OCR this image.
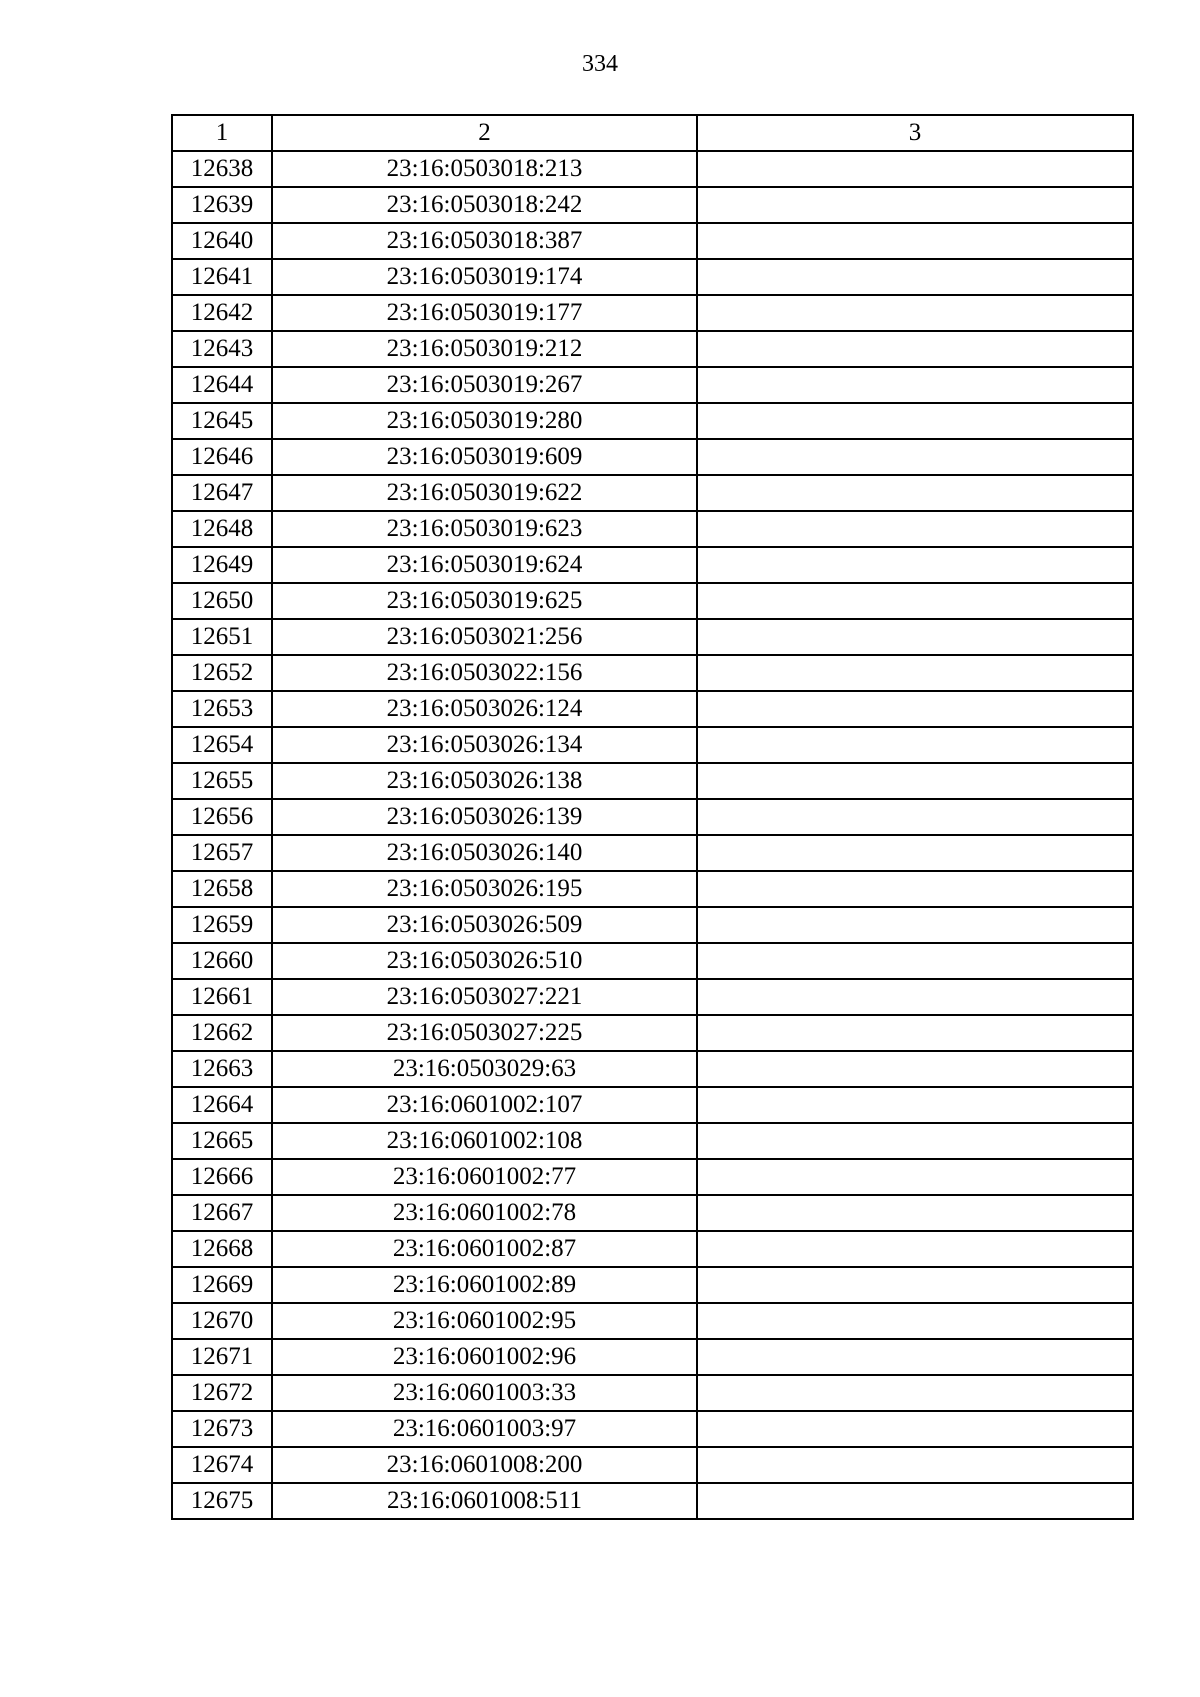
334
1	2	3
12638	23:16:0503018:213	
12639	23:16:0503018:242	
12640	23:16:0503018:387	
12641	23:16:0503019:174	
12642	23:16:0503019:177	
12643	23:16:0503019:212	
12644	23:16:0503019:267	
12645	23:16:0503019:280	
12646	23:16:0503019:609	
12647	23:16:0503019:622	
12648	23:16:0503019:623	
12649	23:16:0503019:624	
12650	23:16:0503019:625	
12651	23:16:0503021:256	
12652	23:16:0503022:156	
12653	23:16:0503026:124	
12654	23:16:0503026:134	
12655	23:16:0503026:138	
12656	23:16:0503026:139	
12657	23:16:0503026:140	
12658	23:16:0503026:195	
12659	23:16:0503026:509	
12660	23:16:0503026:510	
12661	23:16:0503027:221	
12662	23:16:0503027:225	
12663	23:16:0503029:63	
12664	23:16:0601002:107	
12665	23:16:0601002:108	
12666	23:16:0601002:77	
12667	23:16:0601002:78	
12668	23:16:0601002:87	
12669	23:16:0601002:89	
12670	23:16:0601002:95	
12671	23:16:0601002:96	
12672	23:16:0601003:33	
12673	23:16:0601003:97	
12674	23:16:0601008:200	
12675	23:16:0601008:511	
